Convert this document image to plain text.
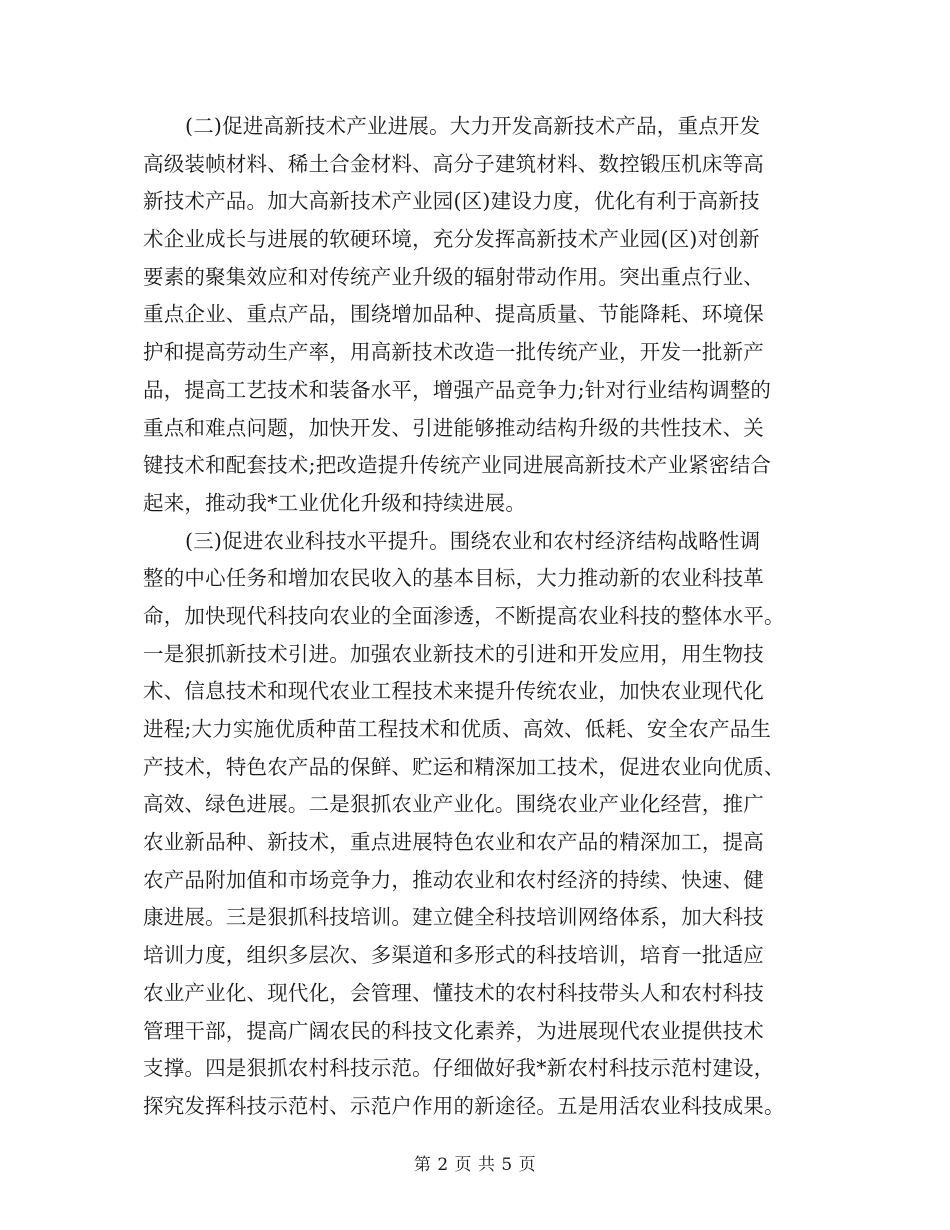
(二)促进高新技术产业进展。大力开发高新技术产品，重点开发
高级装帧材料、稀土合金材料、高分子建筑材料、数控锻压机床等高
新技术产品。加大高新技术产业园(区)建设力度，优化有利于高新技
术企业成长与进展的软硬环境，充分发挥高新技术产业园(区)对创新
要素的聚集效应和对传统产业升级的辐射带动作用。突出重点行业、
重点企业、重点产品，围绕增加品种、提高质量、节能降耗、环境保
护和提高劳动生产率，用高新技术改造一批传统产业，开发一批新产
品，提高工艺技术和装备水平，增强产品竞争力;针对行业结构调整的
重点和难点问题，加快开发、引进能够推动结构升级的共性技术、关
键技术和配套技术;把改造提升传统产业同进展高新技术产业紧密结合
起来，推动我*工业优化升级和持续进展。
(三)促进农业科技水平提升。围绕农业和农村经济结构战略性调
整的中心任务和增加农民收入的基本目标，大力推动新的农业科技革
命，加快现代科技向农业的全面渗透，不断提高农业科技的整体水平。
一是狠抓新技术引进。加强农业新技术的引进和开发应用，用生物技
术、信息技术和现代农业工程技术来提升传统农业，加快农业现代化
进程;大力实施优质种苗工程技术和优质、高效、低耗、安全农产品生
产技术，特色农产品的保鲜、贮运和精深加工技术，促进农业向优质、
高效、绿色进展。二是狠抓农业产业化。围绕农业产业化经营，推广
农业新品种、新技术，重点进展特色农业和农产品的精深加工，提高
农产品附加值和市场竞争力，推动农业和农村经济的持续、快速、健
康进展。三是狠抓科技培训。建立健全科技培训网络体系，加大科技
培训力度，组织多层次、多渠道和多形式的科技培训，培育一批适应
农业产业化、现代化，会管理、懂技术的农村科技带头人和农村科技
管理干部，提高广阔农民的科技文化素养，为进展现代农业提供技术
支撑。四是狠抓农村科技示范。仔细做好我*新农村科技示范村建设，
探究发挥科技示范村、示范户作用的新途径。五是用活农业科技成果。
第 2 页 共 5 页
